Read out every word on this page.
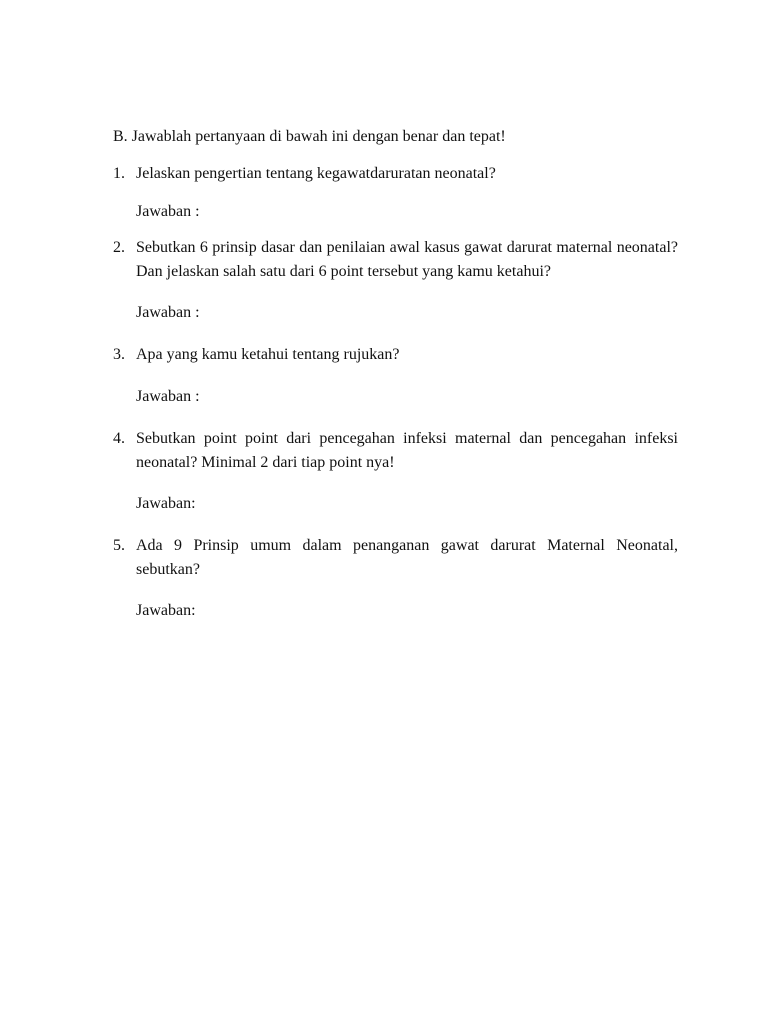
B. Jawablah pertanyaan di bawah ini dengan benar dan tepat!
1. Jelaskan pengertian tentang kegawatdaruratan neonatal?
Jawaban :
2. Sebutkan 6 prinsip dasar dan penilaian awal kasus gawat darurat maternal neonatal? Dan jelaskan salah satu dari 6 point tersebut yang kamu ketahui?
Jawaban :
3. Apa yang kamu ketahui tentang rujukan?
Jawaban :
4. Sebutkan point point dari pencegahan infeksi maternal dan pencegahan infeksi neonatal? Minimal 2 dari tiap point nya!
Jawaban:
5. Ada 9 Prinsip umum dalam penanganan gawat darurat Maternal Neonatal, sebutkan?
Jawaban:
